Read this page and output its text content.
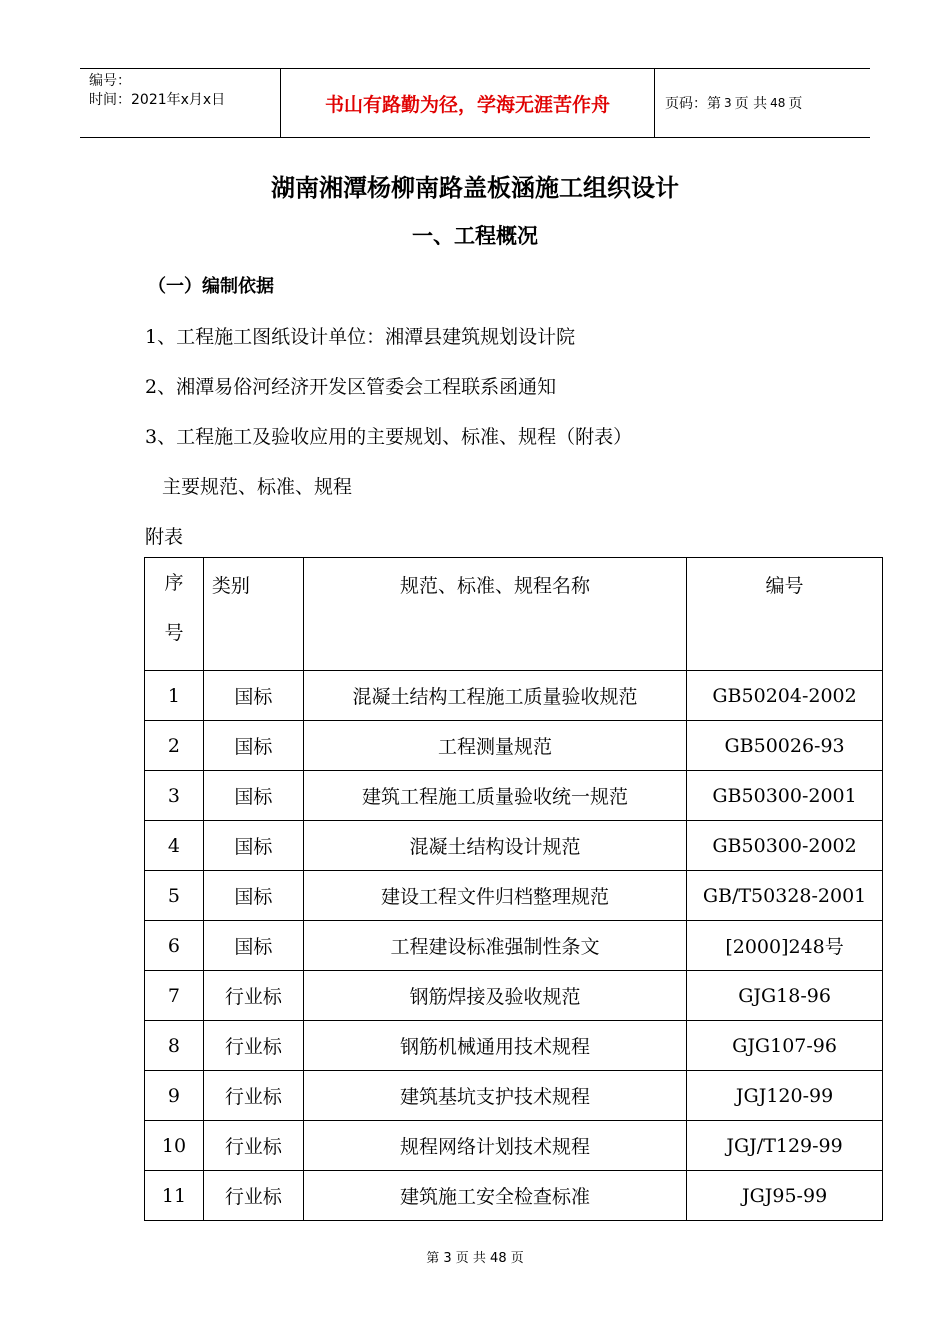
编号：
时间：2021年x月x日	书山有路勤为径，学海无涯苦作舟	页码：第 3 页 共 48 页
湖南湘潭杨柳南路盖板涵施工组织设计
一、工程概况
（一）编制依据
1、工程施工图纸设计单位：湘潭县建筑规划设计院
2、湘潭易俗河经济开发区管委会工程联系函通知
3、工程施工及验收应用的主要规划、标准、规程（附表）
主要规范、标准、规程
附表
序
号	类别	规范、标准、规程名称	编号
1	国标	混凝土结构工程施工质量验收规范	GB50204-2002
2	国标	工程测量规范	GB50026-93
3	国标	建筑工程施工质量验收统一规范	GB50300-2001
4	国标	混凝土结构设计规范	GB50300-2002
5	国标	建设工程文件归档整理规范	GB/T50328-2001
6	国标	工程建设标准强制性条文	[2000]248号
7	行业标	钢筋焊接及验收规范	GJG18-96
8	行业标	钢筋机械通用技术规程	GJG107-96
9	行业标	建筑基坑支护技术规程	JGJ120-99
10	行业标	规程网络计划技术规程	JGJ/T129-99
11	行业标	建筑施工安全检查标准	JGJ95-99
第 3 页 共 48 页
